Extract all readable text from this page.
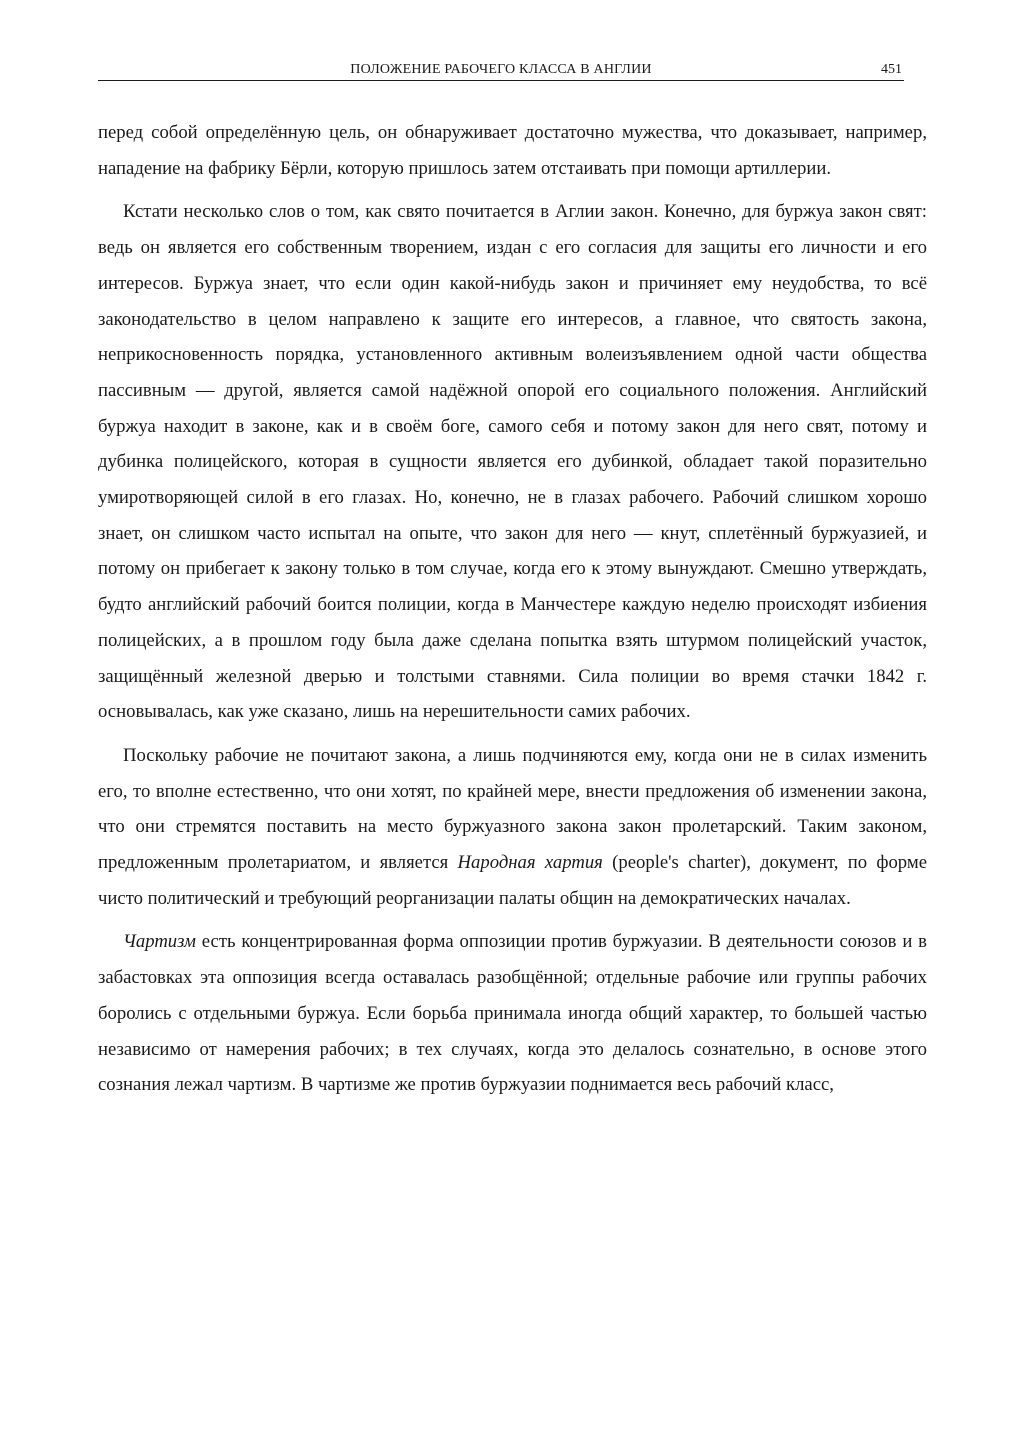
ПОЛОЖЕНИЕ РАБОЧЕГО КЛАССА В АНГЛИИ	451

перед собой определённую цель, он обнаруживает достаточно мужества, что доказывает, например, нападение на фабрику Бёрли, которую пришлось затем отстаивать при помощи артиллерии.

Кстати несколько слов о том, как свято почитается в Аглии закон. Конечно, для буржуа закон свят: ведь он является его собственным творением, издан с его согласия для защиты его личности и его интересов. Буржуа знает, что если один какой-нибудь закон и причиняет ему неудобства, то всё законодательство в целом направлено к защите его интересов, а главное, что святость закона, неприкосновенность порядка, установленного активным волеизъявлением одной части общества пассивным — другой, является самой надёжной опорой его социального положения. Английский буржуа находит в законе, как и в своём боге, самого себя и потому закон для него свят, потому и дубинка полицейского, которая в сущности является его дубинкой, обладает такой поразительно умиротворяющей силой в его глазах. Но, конечно, не в глазах рабочего. Рабочий слишком хорошо знает, он слишком часто испытал на опыте, что закон для него — кнут, сплетённый буржуазией, и потому он прибегает к закону только в том случае, когда его к этому вынуждают. Смешно утверждать, будто английский рабочий боится полиции, когда в Манчестере каждую неделю происходят избиения полицейских, а в прошлом году была даже сделана попытка взять штурмом полицейский участок, защищённый железной дверью и толстыми ставнями. Сила полиции во время стачки 1842 г. основывалась, как уже сказано, лишь на нерешительности самих рабочих.

Поскольку рабочие не почитают закона, а лишь подчиняются ему, когда они не в силах изменить его, то вполне естественно, что они хотят, по крайней мере, внести предложения об изменении закона, что они стремятся поставить на место буржуазного закона закон пролетарский. Таким законом, предложенным пролетариатом, и является Народная хартия (people's charter), документ, по форме чисто политический и требующий реорганизации палаты общин на демократических началах.

Чартизм есть концентрированная форма оппозиции против буржуазии. В деятельности союзов и в забастовках эта оппозиция всегда оставалась разобщённой; отдельные рабочие или группы рабочих боролись с отдельными буржуа. Если борьба принимала иногда общий характер, то большей частью независимо от намерения рабочих; в тех случаях, когда это делалось сознательно, в основе этого сознания лежал чартизм. В чартизме же против буржуазии поднимается весь рабочий класс,
